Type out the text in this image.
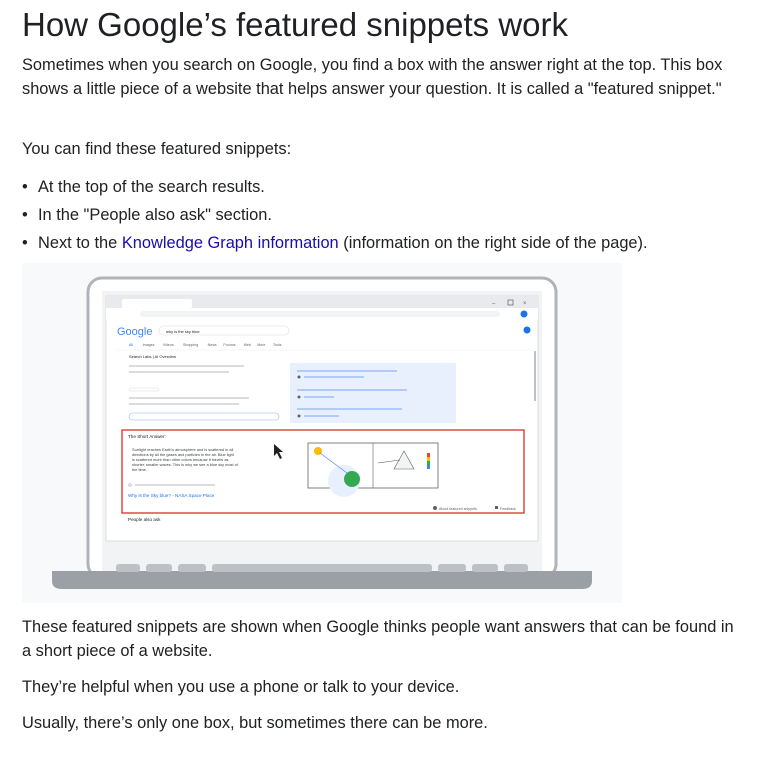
How Google’s featured snippets work

Sometimes when you search on Google, you find a box with the answer right at the top. This box shows a little piece of a website that helps answer your question. It is called a "featured snippet."

You can find these featured snippets:

• At the top of the search results.
• In the "People also ask" section.
• Next to the Knowledge Graph information (information on the right side of the page).
–	×
Google	why is the sky blue
All	Images Videos	Shopping	News Forums Web More Tools
Search Labs | AI Overview
The Short Answer:
Sunlight reaches Earth's atmosphere and is scattered in all
directions by all the gases and particles in the air. Blue light
is scattered more than other colors because it travels as
shorter, smaller waves. This is why we see a blue sky most of
the time.
Why is the Sky blue? - NASA Space Place
About featured snippets	Feedback
People also ask

These featured snippets are shown when Google thinks people want answers that can be found in a short piece of a website.

They’re helpful when you use a phone or talk to your device.

Usually, there’s only one box, but sometimes there can be more.
